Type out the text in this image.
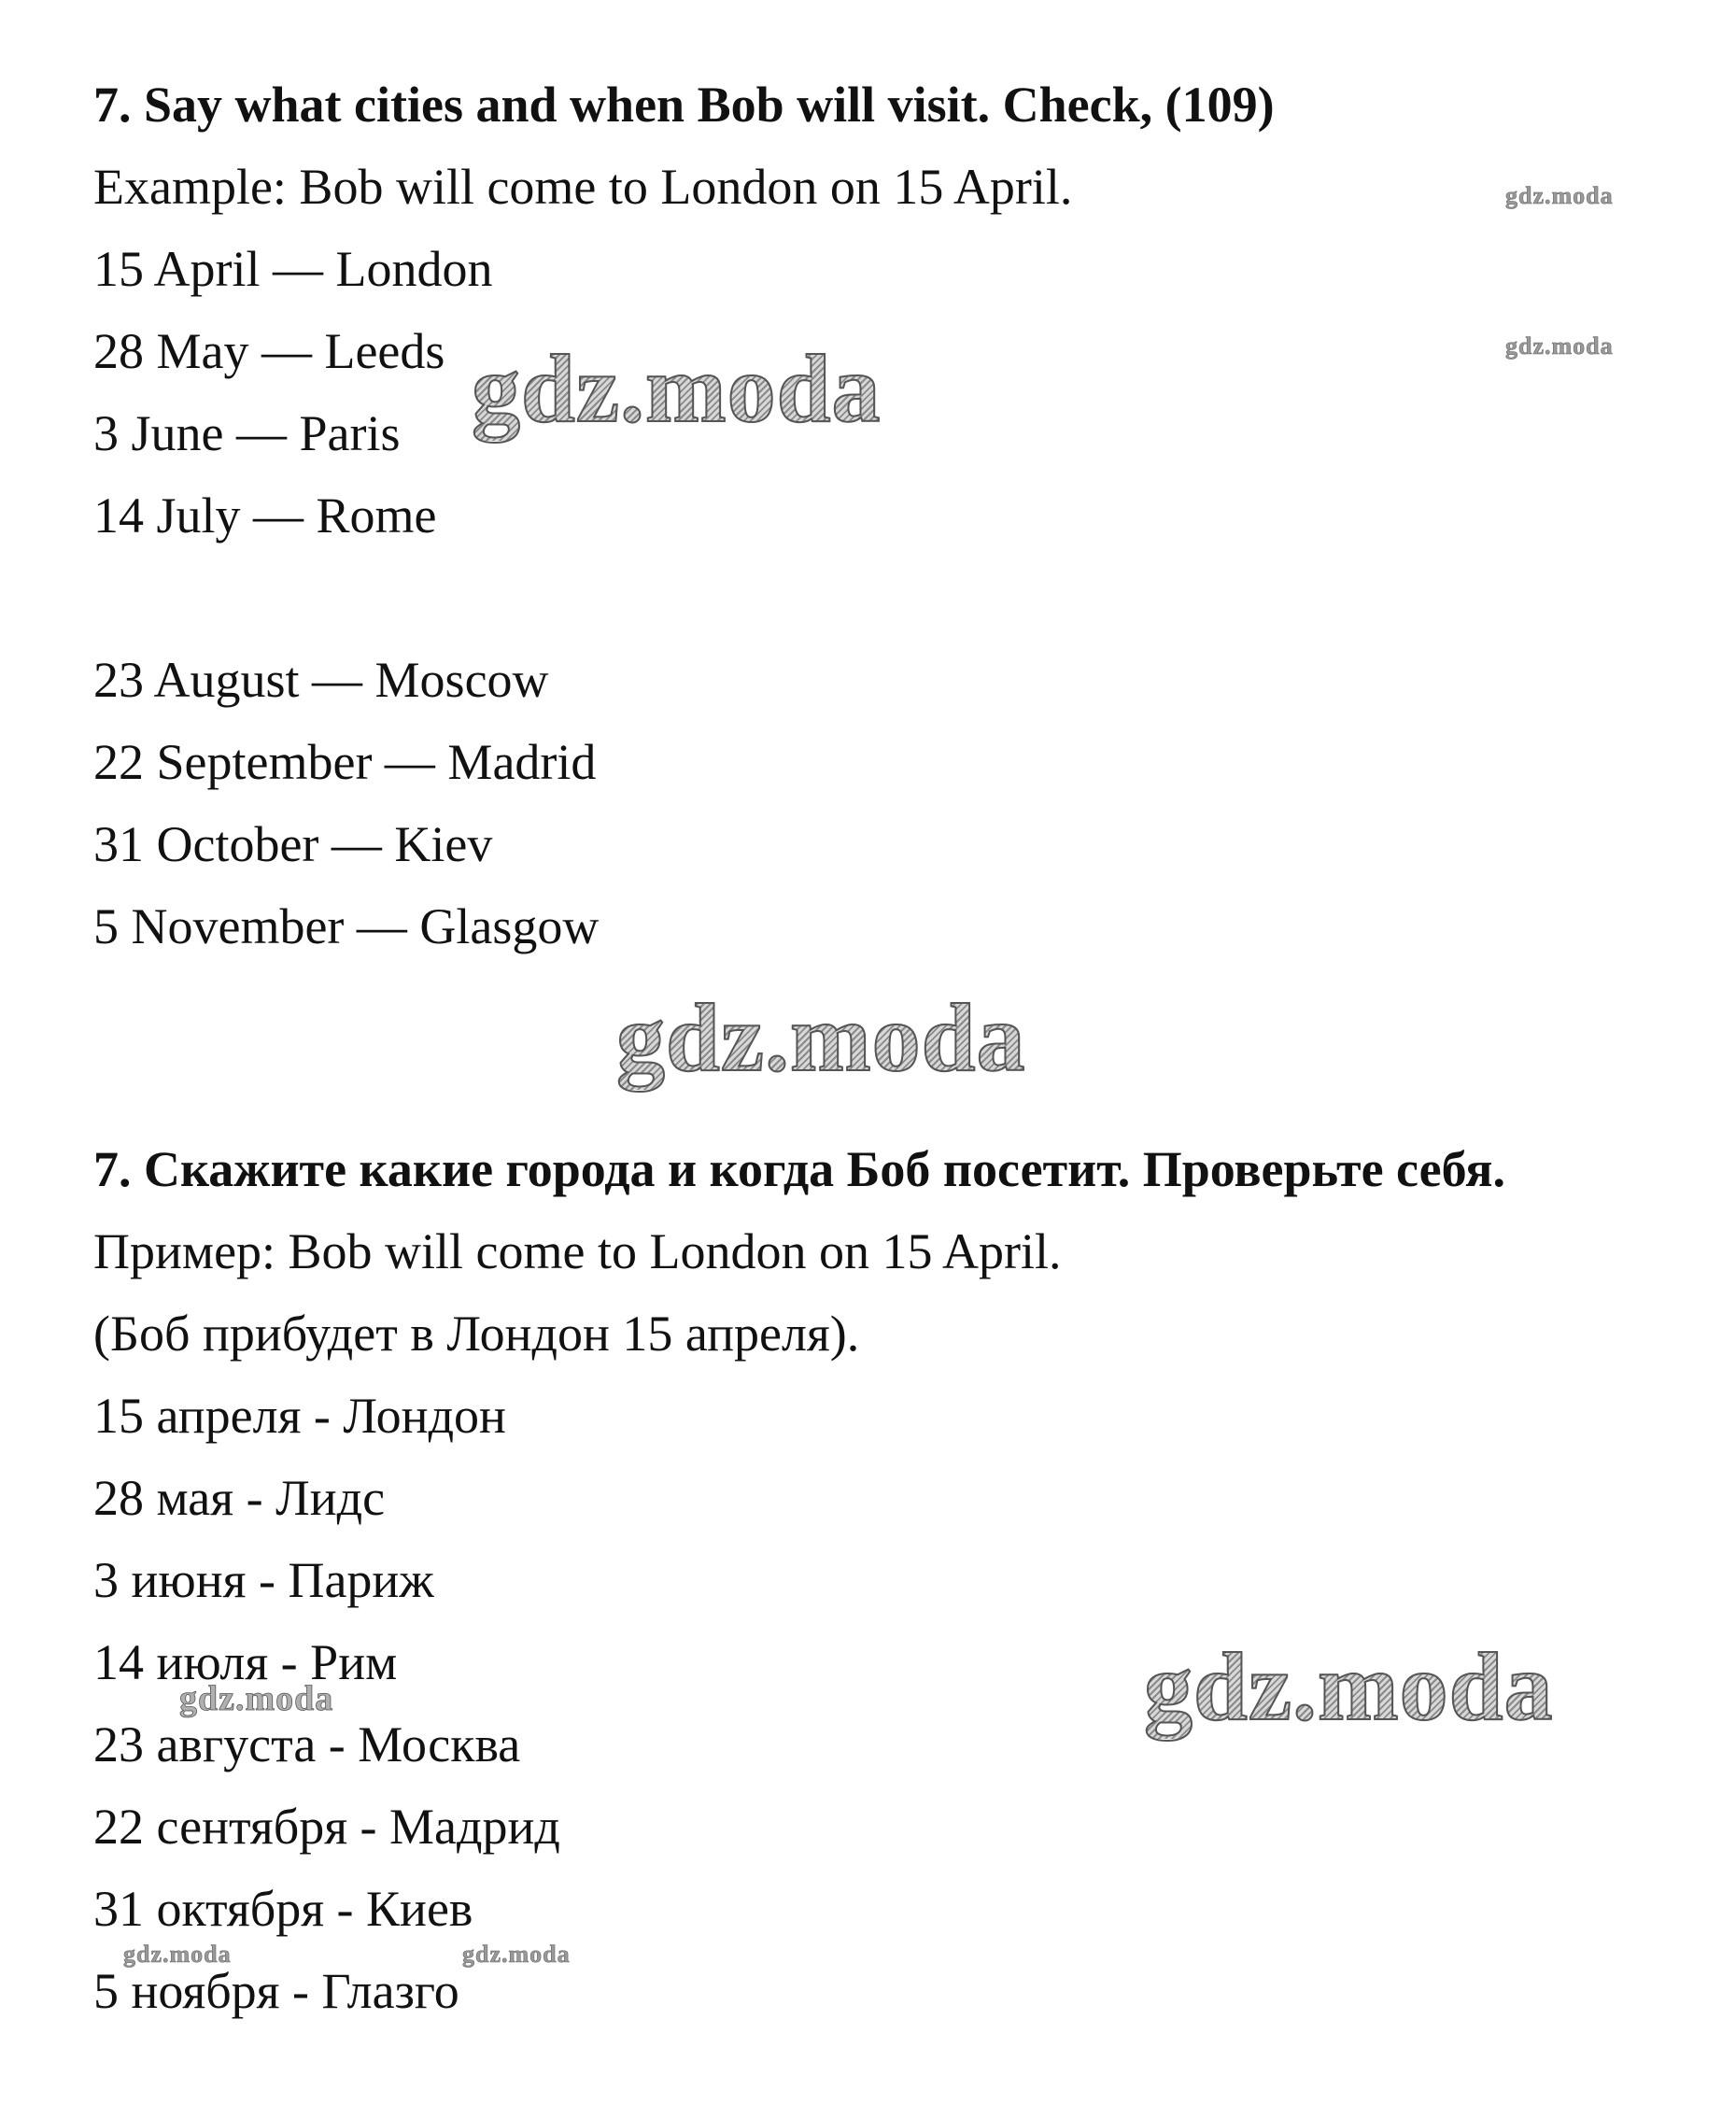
7. Say what cities and when Bob will visit. Check, (109)
Example: Bob will come to London on 15 April.
15 April — London
28 May — Leeds
3 June — Paris
14 July — Rome
23 August — Moscow
22 September — Madrid
31 October — Kiev
5 November — Glasgow
7. Скажите какие города и когда Боб посетит. Проверьте себя.
Пример: Bob will come to London on 15 April.
(Боб прибудет в Лондон 15 апреля).
15 апреля - Лондон
28 мая - Лидс
3 июня - Париж
14 июля - Рим
23 августа - Москва
22 сентября - Мадрид
31 октября - Киев
5 ноября - Глазго
gdz.moda
gdz.moda
gdz.moda
gdz.moda
gdz.moda
gdz.moda
gdz.moda	gdz.moda
